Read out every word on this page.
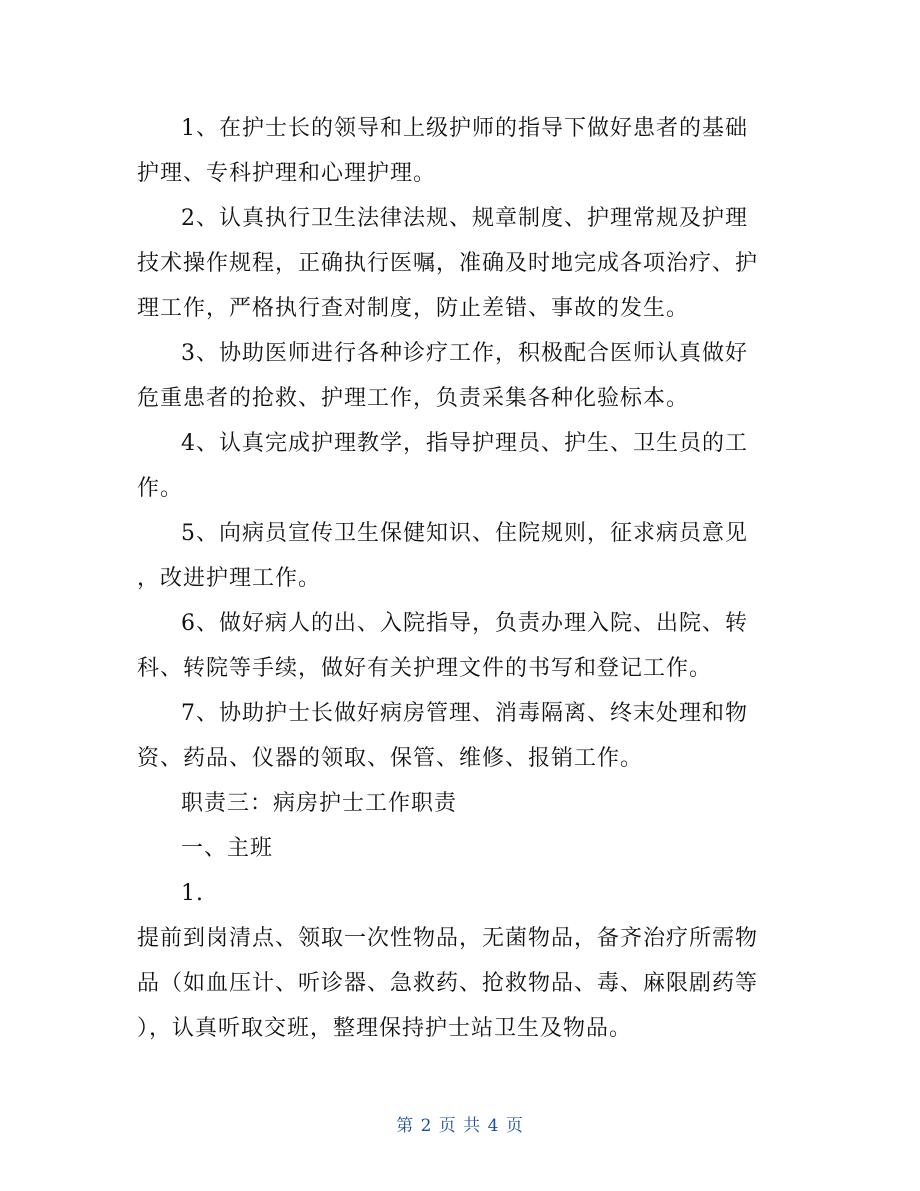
1、在护士长的领导和上级护师的指导下做好患者的基础
护理、专科护理和心理护理。
2、认真执行卫生法律法规、规章制度、护理常规及护理
技术操作规程，正确执行医嘱，准确及时地完成各项治疗、护
理工作，严格执行查对制度，防止差错、事故的发生。
3、协助医师进行各种诊疗工作，积极配合医师认真做好
危重患者的抢救、护理工作，负责采集各种化验标本。
4、认真完成护理教学，指导护理员、护生、卫生员的工
作。
5、向病员宣传卫生保健知识、住院规则，征求病员意见
，改进护理工作。
6、做好病人的出、入院指导，负责办理入院、出院、转
科、转院等手续，做好有关护理文件的书写和登记工作。
7、协助护士长做好病房管理、消毒隔离、终末处理和物
资、药品、仪器的领取、保管、维修、报销工作。
职责三：病房护士工作职责
一、主班
1.
提前到岗清点、领取一次性物品，无菌物品，备齐治疗所需物
品（如血压计、听诊器、急救药、抢救物品、毒、麻限剧药等
），认真听取交班，整理保持护士站卫生及物品。
第 2 页 共 4 页
